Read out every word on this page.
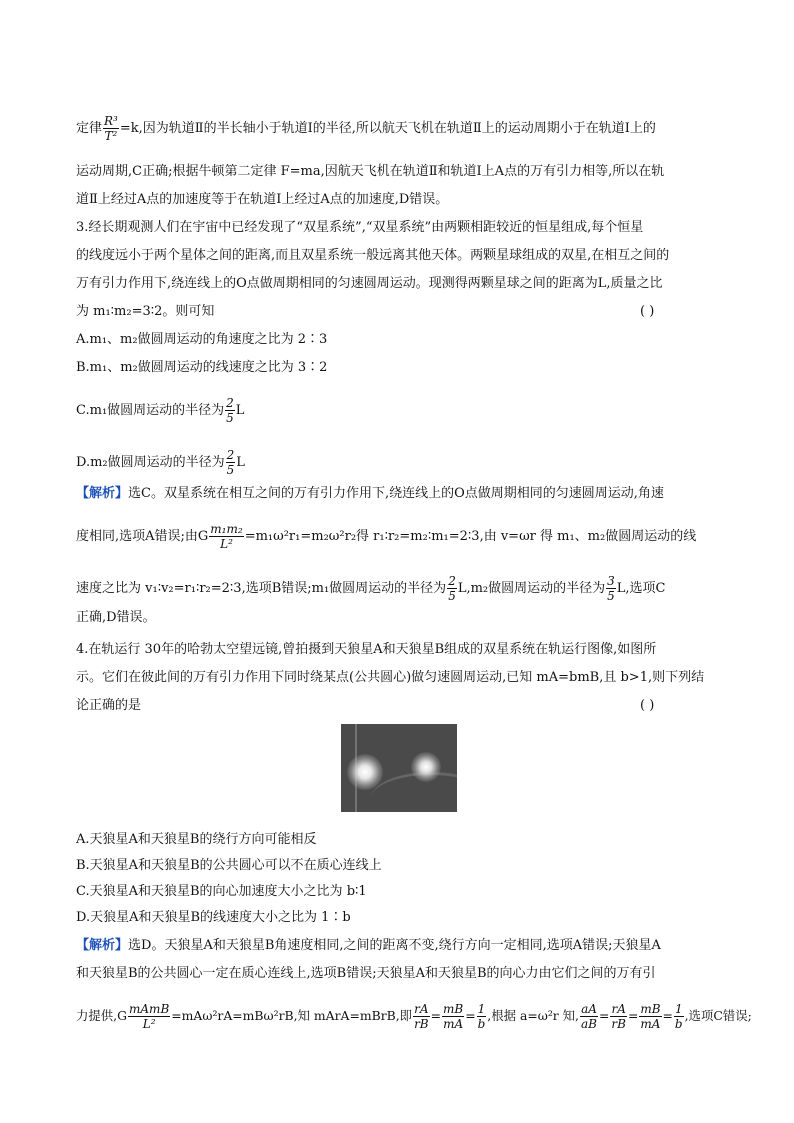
定律 $\frac{\text{R³}}{\text{T²}} =k$,因为轨道Ⅱ的半长轴小于轨道Ⅰ的半径,所以航天飞机在轨道Ⅱ上的运动周期小于在轨道Ⅰ上的
运动周期,C正确;根据牛顿第二定律 F=ma,因航天飞机在轨道Ⅱ和轨道Ⅰ上A点的万有引力相等,所以在轨
道Ⅱ上经过A点的加速度等于在轨道Ⅰ上经过A点的加速度,D错误。
3.经长期观测人们在宇宙中已经发现了“双星系统”,“双星系统”由两颗相距较近的恒星组成,每个恒星
的线度远小于两个星体之间的距离,而且双星系统一般远离其他天体。两颗星球组成的双星,在相互之间的
万有引力作用下,绕连线上的O点做周期相同的匀速圆周运动。现测得两颗星球之间的距离为L,质量之比
为 m₁∶m₂=3∶2。则可知	( )
A.m₁、m₂做圆周运动的角速度之比为 2∶3
B.m₁、m₂做圆周运动的线速度之比为 3∶2
C.m₁做圆周运动的半径为 $\frac{2}{5}$ L
D.m₂做圆周运动的半径为 $\frac{2}{5}$ L
【解析】选C。双星系统在相互之间的万有引力作用下,绕连线上的O点做周期相同的匀速圆周运动,角速
度相同,选项A错误;由G $\frac{\text{m₁m₂}}{\text{L²}} =m_1\omega^2r_1=m_2\omega^2r_2$得 r₁∶r₂=m₂∶m₁=2∶3,由 v=ωr 得 m₁、m₂做圆周运动的线
速度之比为 v₁∶v₂=r₁∶r₂=2∶3,选项B错误;m₁做圆周运动的半径为 $\frac{2}{5} L,m_2$做圆周运动的半径为 $\frac{3}{5} L$,选项C
正确,D错误。
4.在轨运行 30年的哈勃太空望远镜,曾拍摄到天狼星A和天狼星B组成的双星系统在轨运行图像,如图所
示。它们在彼此间的万有引力作用下同时绕某点(公共圆心)做匀速圆周运动,已知 mA=bmB,且 b>1,则下列结
论正确的是	( )
A.天狼星A和天狼星B的绕行方向可能相反
B.天狼星A和天狼星B的公共圆心可以不在质心连线上
C.天狼星A和天狼星B的向心加速度大小之比为 b∶1
D.天狼星A和天狼星B的线速度大小之比为 1∶b
【解析】选D。天狼星A和天狼星B角速度相同,之间的距离不变,绕行方向一定相同,选项A错误;天狼星A
和天狼星B的公共圆心一定在质心连线上,选项B错误;天狼星A和天狼星B的向心力由它们之间的万有引
力提供,G mAmB
L²
=mAω²rA=mBω²rB,知 mArA=mBrB,即 $\frac{rA}{rB} = \frac{mB}{mA} = \frac{1}{b}$ ,根据 a=ω²r 知, $\frac{aA}{aB} = \frac{rA}{rB} = \frac{mB}{mA} = \frac{1}{b}$ ,选项C错误;
